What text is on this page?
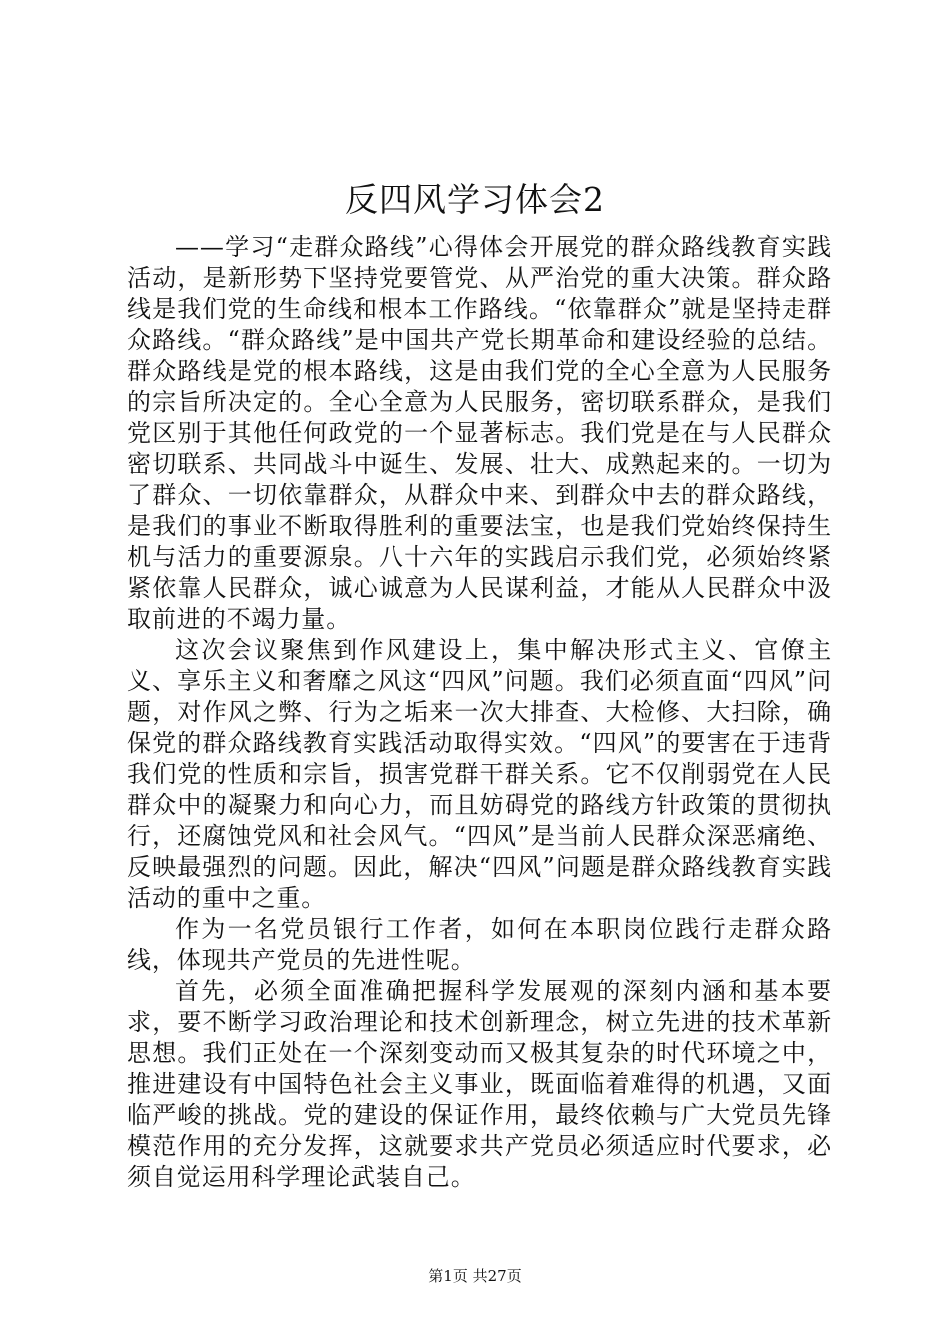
反四风学习体会2

——学习“走群众路线”心得体会开展党的群众路线教育实践活动，是新形势下坚持党要管党、从严治党的重大决策。群众路线是我们党的生命线和根本工作路线。“依靠群众”就是坚持走群众路线。“群众路线”是中国共产党长期革命和建设经验的总结。群众路线是党的根本路线，这是由我们党的全心全意为人民服务的宗旨所决定的。全心全意为人民服务，密切联系群众，是我们党区别于其他任何政党的一个显著标志。我们党是在与人民群众密切联系、共同战斗中诞生、发展、壮大、成熟起来的。一切为了群众、一切依靠群众，从群众中来、到群众中去的群众路线，是我们的事业不断取得胜利的重要法宝，也是我们党始终保持生机与活力的重要源泉。八十六年的实践启示我们党，必须始终紧紧依靠人民群众，诚心诚意为人民谋利益，才能从人民群众中汲取前进的不竭力量。

这次会议聚焦到作风建设上，集中解决形式主义、官僚主义、享乐主义和奢靡之风这“四风”问题。我们必须直面“四风”问题，对作风之弊、行为之垢来一次大排查、大检修、大扫除，确保党的群众路线教育实践活动取得实效。“四风”的要害在于违背我们党的性质和宗旨，损害党群干群关系。它不仅削弱党在人民群众中的凝聚力和向心力，而且妨碍党的路线方针政策的贯彻执行，还腐蚀党风和社会风气。“四风”是当前人民群众深恶痛绝、反映最强烈的问题。因此，解决“四风”问题是群众路线教育实践活动的重中之重。

作为一名党员银行工作者，如何在本职岗位践行走群众路线，体现共产党员的先进性呢。

首先，必须全面准确把握科学发展观的深刻内涵和基本要求，要不断学习政治理论和技术创新理念，树立先进的技术革新思想。我们正处在一个深刻变动而又极其复杂的时代环境之中，推进建设有中国特色社会主义事业，既面临着难得的机遇，又面临严峻的挑战。党的建设的保证作用，最终依赖与广大党员先锋模范作用的充分发挥，这就要求共产党员必须适应时代要求，必须自觉运用科学理论武装自己。

第1页 共27页
